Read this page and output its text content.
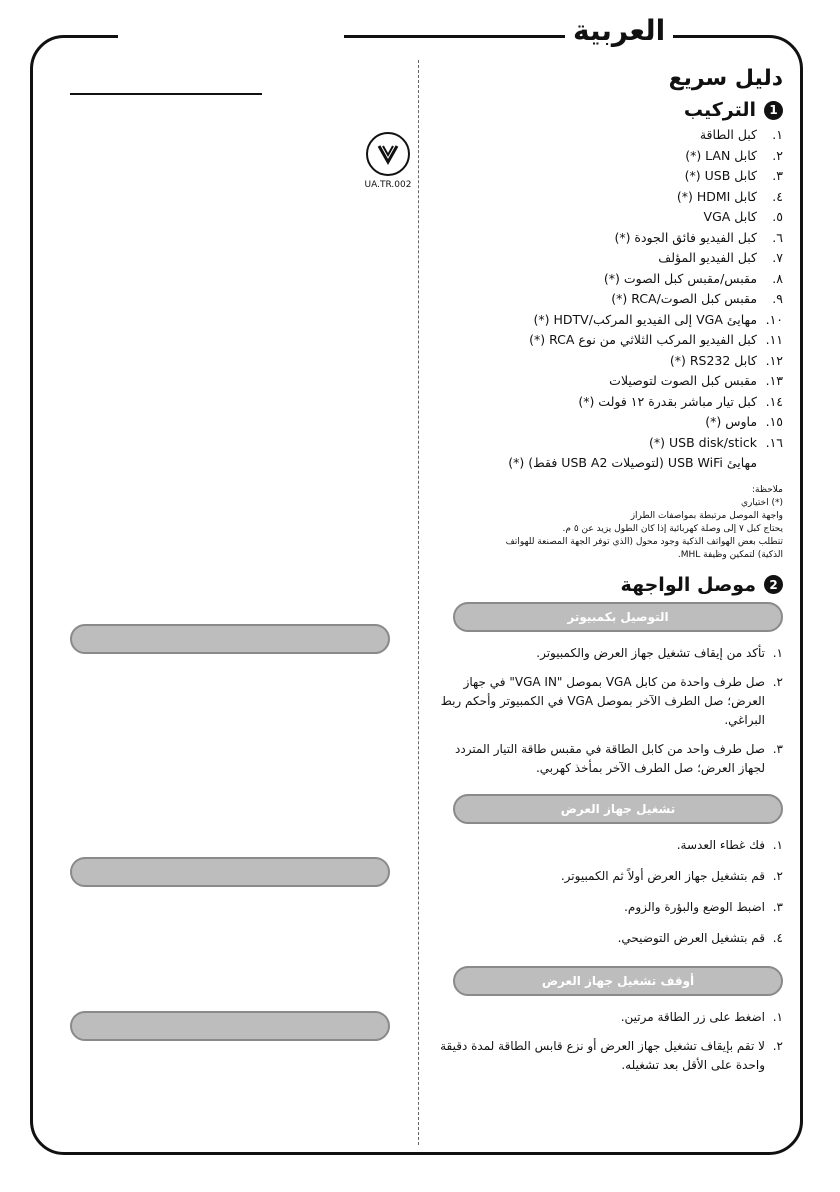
العربية
UA.TR.002
دليل سريع
1
التركيب
١. كبل الطاقة
٢. كابل LAN (*)
٣. كابل USB (*)
٤. كابل HDMI (*)
٥. كابل VGA
٦. كبل الفيديو فائق الجودة (*)
٧. كبل الفيديو المؤلف
٨. مقبس/مقبس كبل الصوت (*)
٩. مقبس كبل الصوت/RCA (*)
١٠. مهايئ VGA إلى الفيديو المركب/HDTV (*)
١١. كبل الفيديو المركب الثلاثي من نوع RCA (*)
١٢. كابل RS232 (*)
١٣. مقبس كبل الصوت لتوصيلات
١٤. كبل تيار مباشر بقدرة ١٢ فولت (*)
١٥. ماوس (*)
١٦. USB disk/stick (*)
مهايئ USB WiFi (لتوصيلات USB A2 فقط) (*)
ملاحظة:
(*) اختياري
واجهة الموصل مرتبطة بمواصفات الطراز
يحتاج كبل ٧ إلى وصلة كهربائية إذا كان الطول يزيد عن ٥ م.
تتطلب بعض الهواتف الذكية وجود محول (الذي توفر الجهة المصنعة للهواتف
الذكية) لتمكين وظيفة MHL.
2
موصل الواجهة
التوصيل بكمبيوتر
١.
تأكد من إيقاف تشغيل جهاز العرض والكمبيوتر.
٢.
صل طرف واحدة من كابل VGA بموصل "VGA IN" في جهاز العرض؛ صل الطرف الآخر بموصل VGA في الكمبيوتر وأحكم ربط البراغي.
٣.
صل طرف واحد من كابل الطاقة في مقبس طاقة التيار المتردد لجهاز العرض؛ صل الطرف الآخر بمأخذ كهربي.
تشغيل جهاز العرض
١.
فك غطاء العدسة.
٢.
قم بتشغيل جهاز العرض أولاً ثم الكمبيوتر.
٣.
اضبط الوضع والبؤرة والزوم.
٤.
قم بتشغيل العرض التوضيحي.
أوقف تشغيل جهاز العرض
١.
اضغط على زر الطاقة مرتين.
٢.
لا تقم بإيقاف تشغيل جهاز العرض أو نزع قابس الطاقة لمدة دقيقة واحدة على الأقل بعد تشغيله.
